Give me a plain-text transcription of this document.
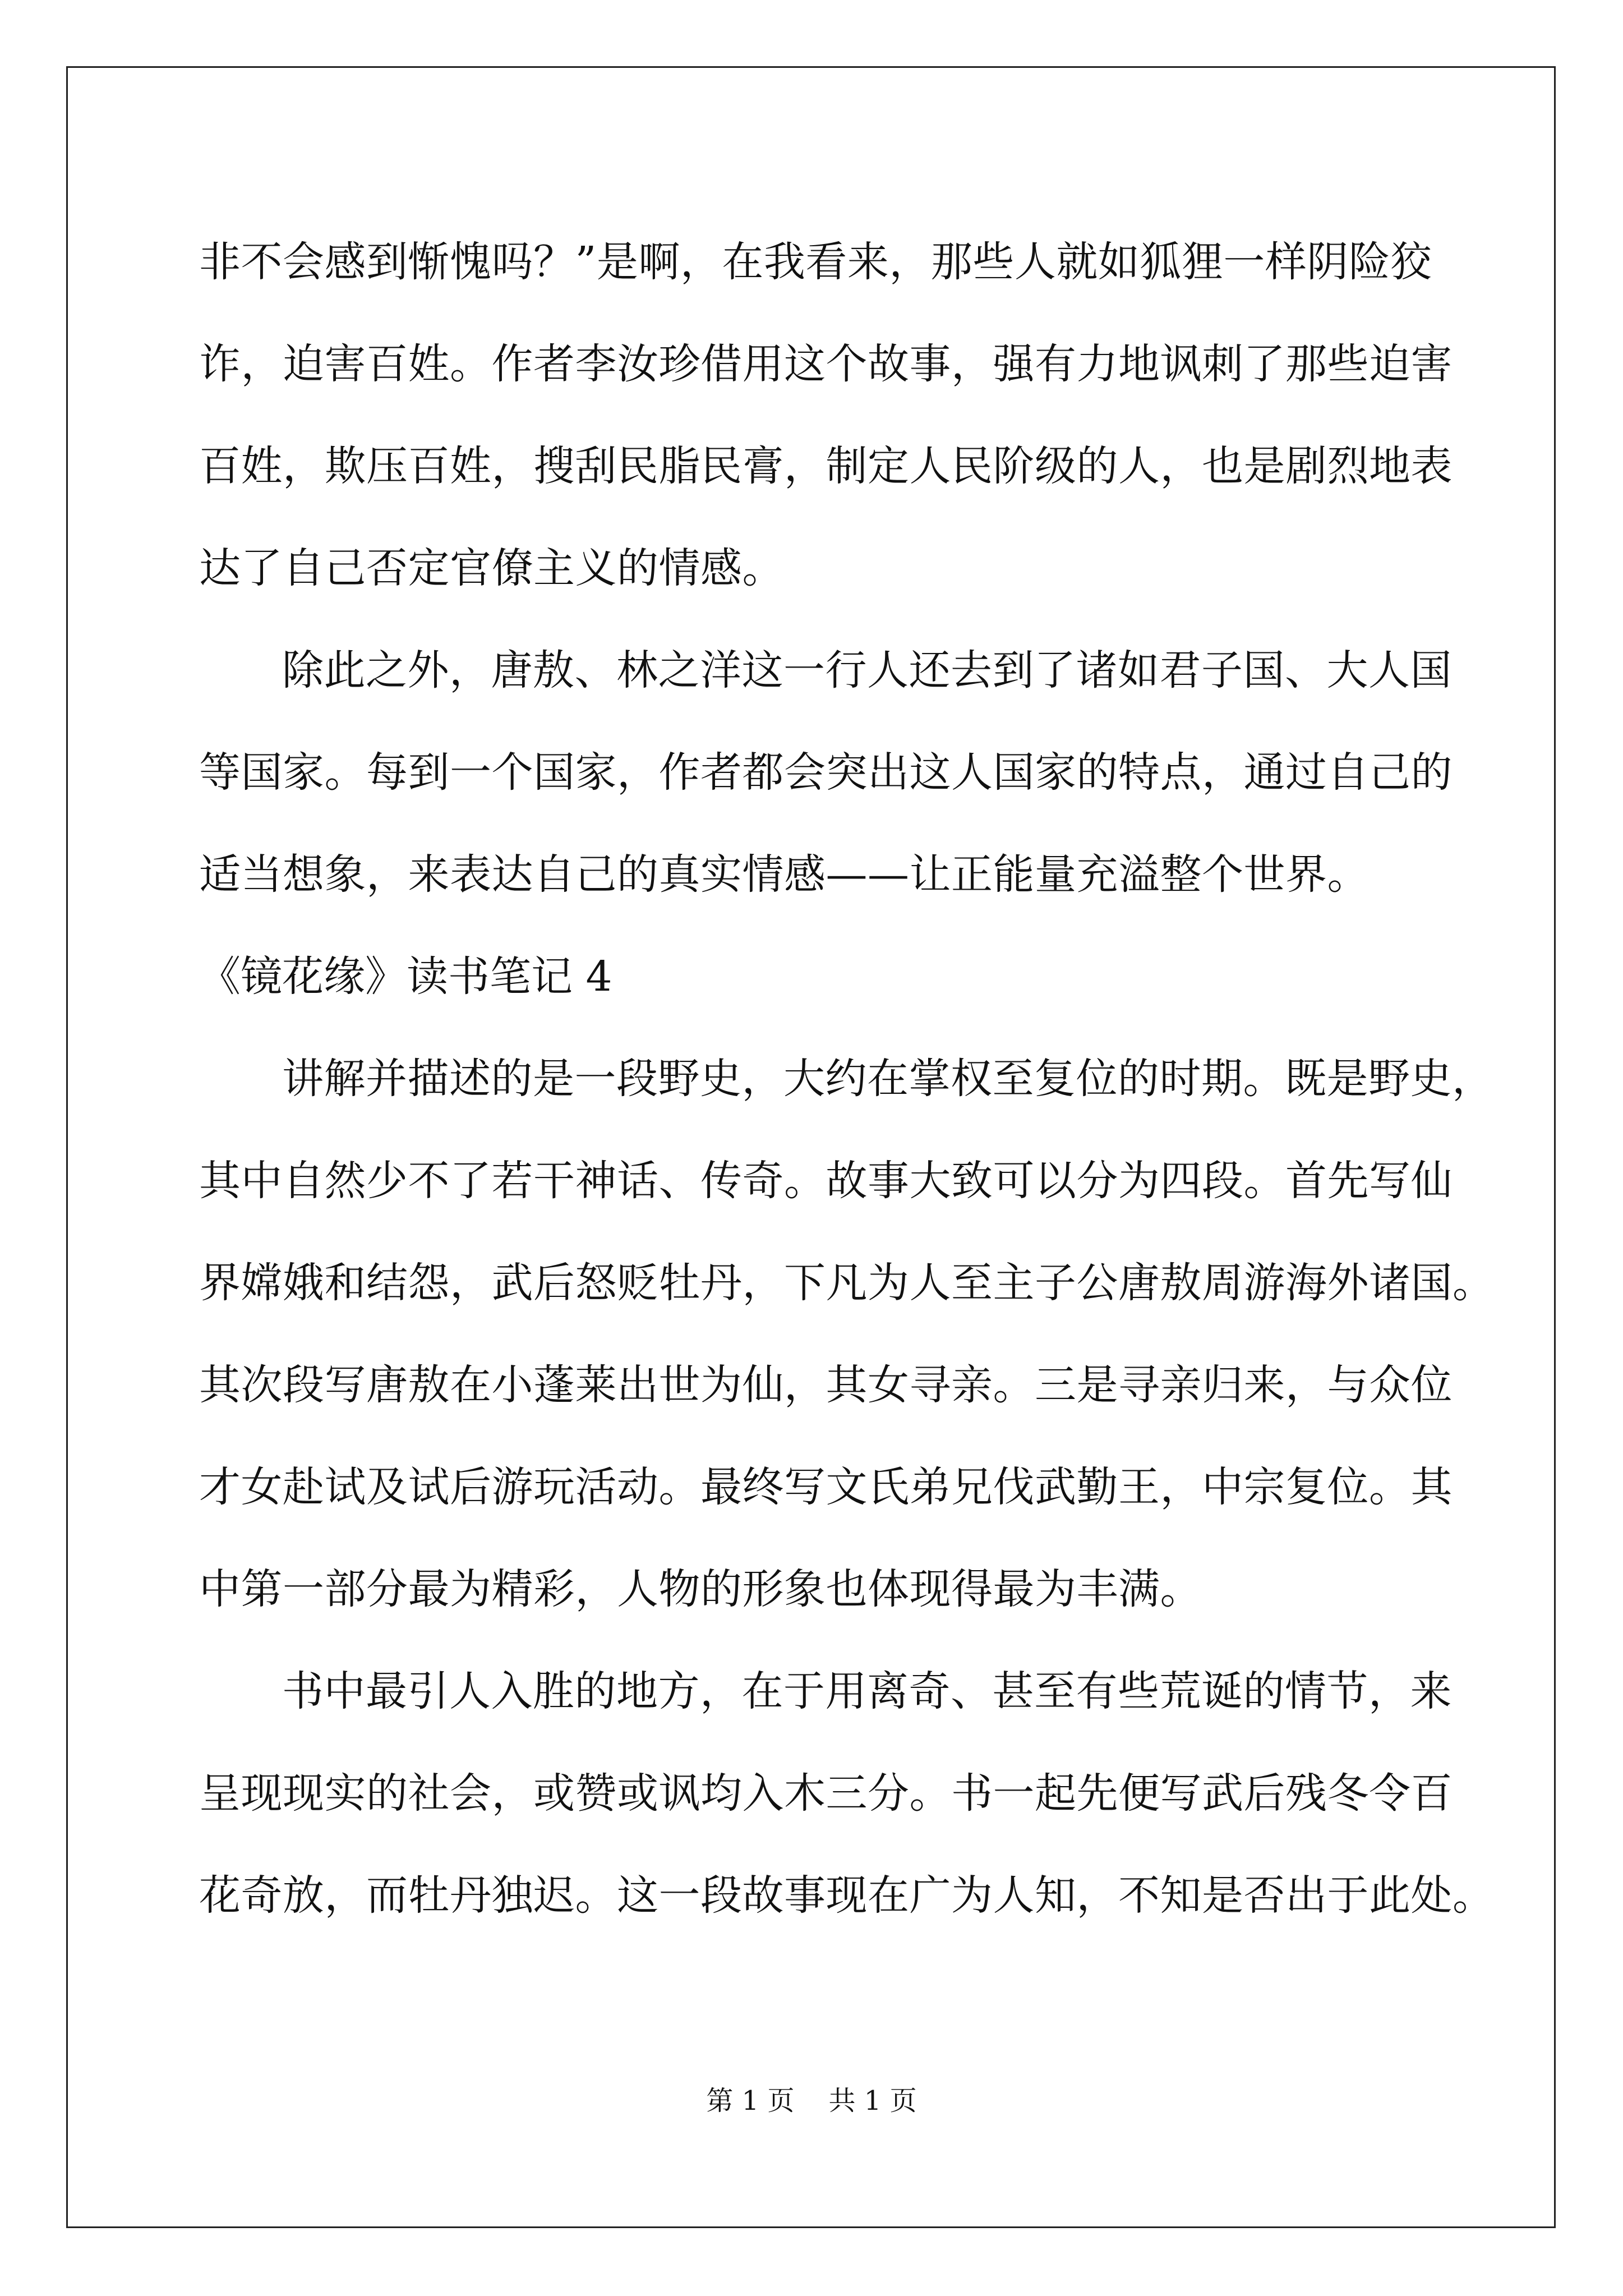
非不会感到惭愧吗？”是啊，在我看来，那些人就如狐狸一样阴险狡
诈，迫害百姓。作者李汝珍借用这个故事，强有力地讽刺了那些迫害
百姓，欺压百姓，搜刮民脂民膏，制定人民阶级的人，也是剧烈地表
达了自己否定官僚主义的情感。
除此之外，唐敖、林之洋这一行人还去到了诸如君子国、大人国
等国家。每到一个国家，作者都会突出这人国家的特点，通过自己的
适当想象，来表达自己的真实情感——让正能量充溢整个世界。
《镜花缘》读书笔记 4
讲解并描述的是一段野史，大约在掌权至复位的时期。既是野史，
其中自然少不了若干神话、传奇。故事大致可以分为四段。首先写仙
界嫦娥和结怨，武后怒贬牡丹，下凡为人至主子公唐敖周游海外诸国。
其次段写唐敖在小蓬莱出世为仙，其女寻亲。三是寻亲归来，与众位
才女赴试及试后游玩活动。最终写文氏弟兄伐武勤王，中宗复位。其
中第一部分最为精彩，人物的形象也体现得最为丰满。
书中最引人入胜的地方，在于用离奇、甚至有些荒诞的情节，来
呈现现实的社会，或赞或讽均入木三分。书一起先便写武后残冬令百
花奇放，而牡丹独迟。这一段故事现在广为人知，不知是否出于此处。
第 1 页    共 1 页
